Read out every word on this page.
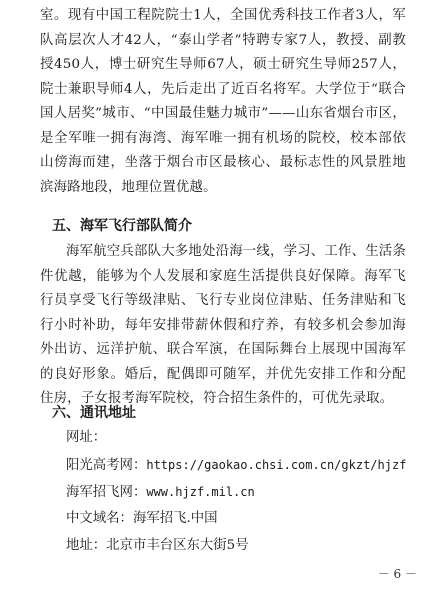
室。现有中国工程院院士1人，全国优秀科技工作者3人，军队高层次人才42人，“泰山学者”特聘专家7人，教授、副教授450人，博士研究生导师67人，硕士研究生导师257人，院士兼职导师4人，先后走出了近百名将军。大学位于“联合国人居奖”城市、“中国最佳魅力城市”——山东省烟台市区，是全军唯一拥有海湾、海军唯一拥有机场的院校，校本部依山傍海而建，坐落于烟台市区最核心、最标志性的风景胜地滨海路地段，地理位置优越。

五、海军飞行部队简介

海军航空兵部队大多地处沿海一线，学习、工作、生活条件优越，能够为个人发展和家庭生活提供良好保障。海军飞行员享受飞行等级津贴、飞行专业岗位津贴、任务津贴和飞行小时补助，每年安排带薪休假和疗养，有较多机会参加海外出访、远洋护航、联合军演，在国际舞台上展现中国海军的良好形象。婚后，配偶即可随军，并优先安排工作和分配住房，子女报考海军院校，符合招生条件的，可优先录取。

六、通讯地址

网址：

阳光高考网：https://gaokao.chsi.com.cn/gkzt/hjzf

海军招飞网：www.hjzf.mil.cn

中文域名：海军招飞.中国

地址：北京市丰台区东大街5号

－ 6 －
